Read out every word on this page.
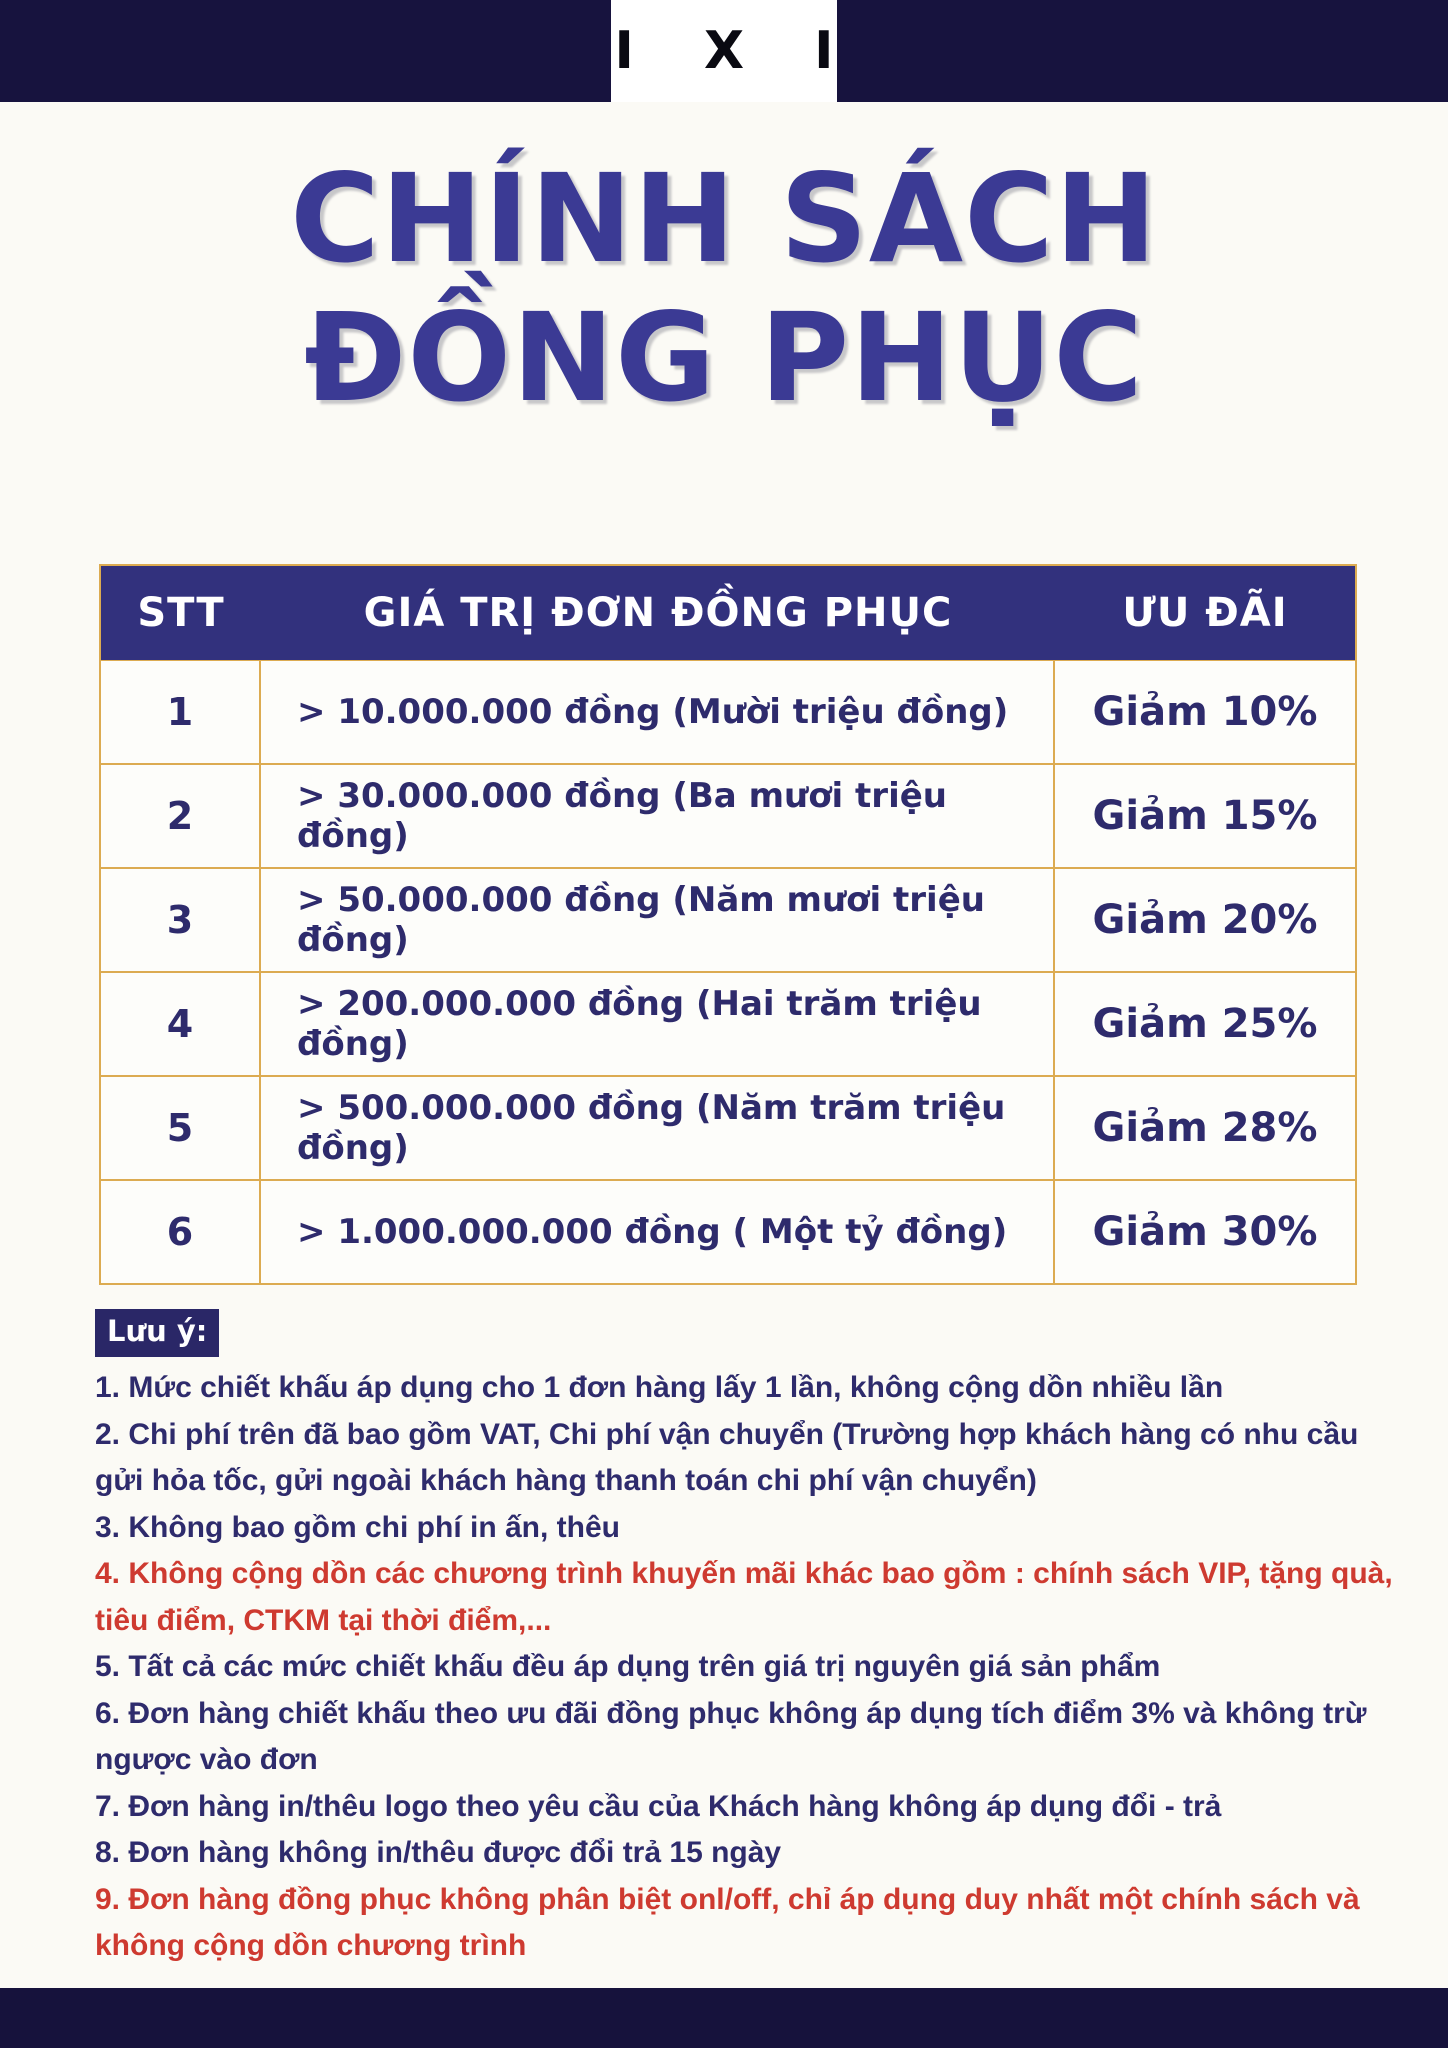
I X I
CHÍNH SÁCH
ĐỒNG PHỤC
STT	GIÁ TRỊ ĐƠN ĐỒNG PHỤC	ƯU ĐÃI
1	> 10.000.000 đồng (Mười triệu đồng)	Giảm 10%
2	> 30.000.000 đồng (Ba mươi triệu đồng)	Giảm 15%
3	> 50.000.000 đồng (Năm mươi triệu đồng)	Giảm 20%
4	> 200.000.000 đồng (Hai trăm triệu đồng)	Giảm 25%
5	> 500.000.000 đồng (Năm trăm triệu đồng)	Giảm 28%
6	> 1.000.000.000 đồng ( Một tỷ đồng)	Giảm 30%
Lưu ý:

1. Mức chiết khấu áp dụng cho 1 đơn hàng lấy 1 lần, không cộng dồn nhiều lần

2. Chi phí trên đã bao gồm VAT, Chi phí vận chuyển (Trường hợp khách hàng có nhu cầu gửi hỏa tốc, gửi ngoài khách hàng thanh toán chi phí vận chuyển)

3. Không bao gồm chi phí in ấn, thêu

4. Không cộng dồn các chương trình khuyến mãi khác bao gồm : chính sách VIP, tặng quà, tiêu điểm, CTKM tại thời điểm,...

5. Tất cả các mức chiết khấu đều áp dụng trên giá trị nguyên giá sản phẩm

6. Đơn hàng chiết khấu theo ưu đãi đồng phục không áp dụng tích điểm 3% và không trừ ngược vào đơn

7. Đơn hàng in/thêu logo theo yêu cầu của Khách hàng không áp dụng đổi - trả

8. Đơn hàng không in/thêu được đổi trả 15 ngày

9. Đơn hàng đồng phục không phân biệt onl/off, chỉ áp dụng duy nhất một chính sách và không cộng dồn chương trình
